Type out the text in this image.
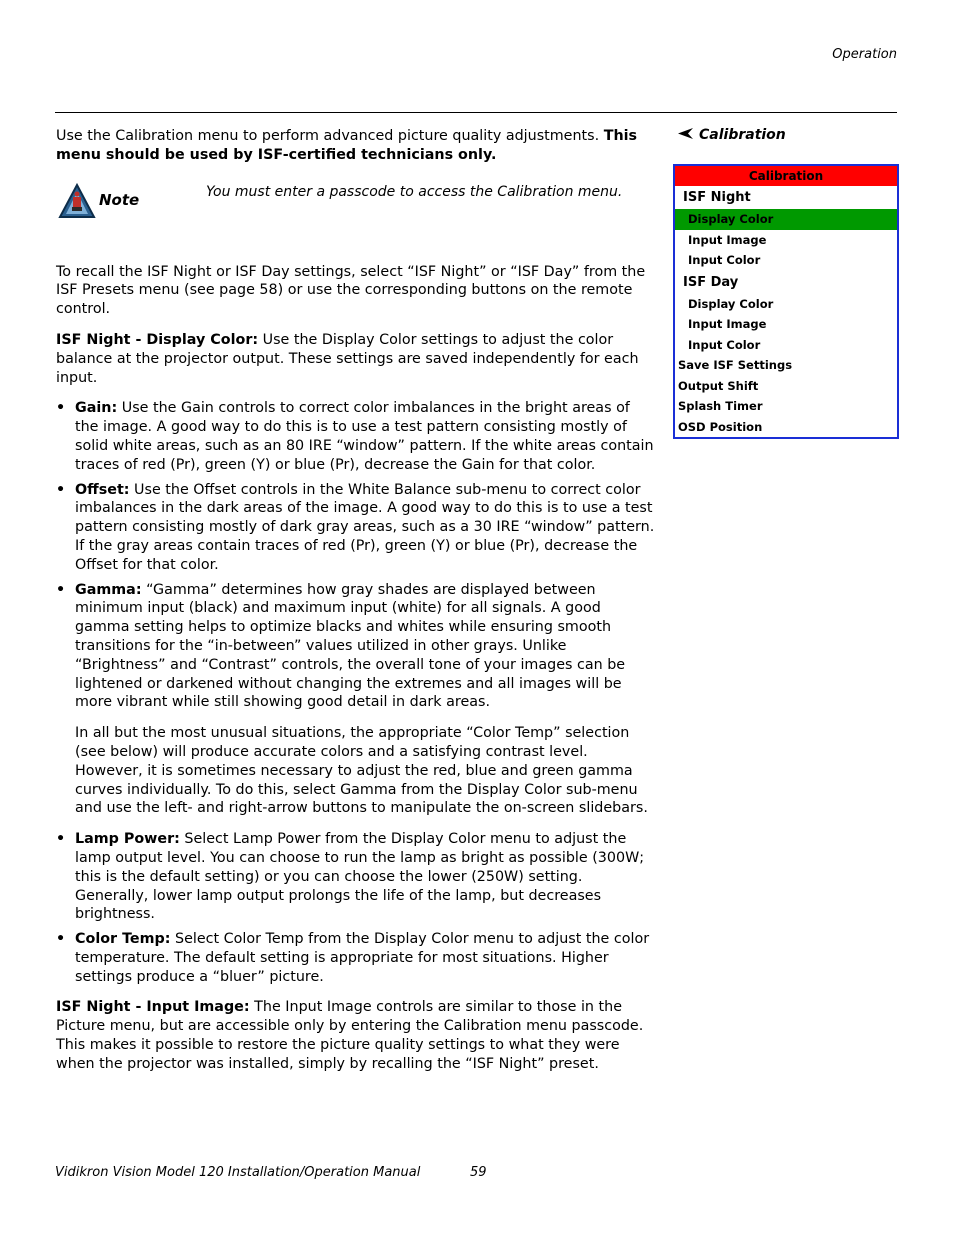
Operation

Use the Calibration menu to perform advanced picture quality adjustments. This menu should be used by ISF-certified technicians only.

Note	You must enter a passcode to access the Calibration menu.

To recall the ISF Night or ISF Day settings, select “ISF Night” or “ISF Day” from the ISF Presets menu (see page 58) or use the corresponding buttons on the remote control.

ISF Night - Display Color: Use the Display Color settings to adjust the color balance at the projector output. These settings are saved independently for each input.

• Gain: Use the Gain controls to correct color imbalances in the bright areas of the image. A good way to do this is to use a test pattern consisting mostly of solid white areas, such as an 80 IRE “window” pattern. If the white areas contain traces of red (Pr), green (Y) or blue (Pr), decrease the Gain for that color.
• Offset: Use the Offset controls in the White Balance sub-menu to correct color imbalances in the dark areas of the image. A good way to do this is to use a test pattern consisting mostly of dark gray areas, such as a 30 IRE “window” pattern. If the gray areas contain traces of red (Pr), green (Y) or blue (Pr), decrease the Offset for that color.
• Gamma: “Gamma” determines how gray shades are displayed between minimum input (black) and maximum input (white) for all signals. A good gamma setting helps to optimize blacks and whites while ensuring smooth transitions for the “in-between” values utilized in other grays. Unlike “Brightness” and “Contrast” controls, the overall tone of your images can be lightened or darkened without changing the extremes and all images will be more vibrant while still showing good detail in dark areas.

In all but the most unusual situations, the appropriate “Color Temp” selection (see below) will produce accurate colors and a satisfying contrast level. However, it is sometimes necessary to adjust the red, blue and green gamma curves individually. To do this, select Gamma from the Display Color sub-menu and use the left- and right-arrow buttons to manipulate the on-screen slidebars.

• Lamp Power: Select Lamp Power from the Display Color menu to adjust the lamp output level. You can choose to run the lamp as bright as possible (300W; this is the default setting) or you can choose the lower (250W) setting. Generally, lower lamp output prolongs the life of the lamp, but decreases brightness.
• Color Temp: Select Color Temp from the Display Color menu to adjust the color temperature. The default setting is appropriate for most situations. Higher settings produce a “bluer” picture.

ISF Night - Input Image: The Input Image controls are similar to those in the Picture menu, but are accessible only by entering the Calibration menu passcode. This makes it possible to restore the picture quality settings to what they were when the projector was installed, simply by recalling the “ISF Night” preset.

Calibration
Calibration
ISF Night
Display Color
Input Image
Input Color
ISF Day
Display Color
Input Image
Input Color
Save ISF Settings
Output Shift
Splash Timer
OSD Position
Vidikron Vision Model 120 Installation/Operation Manual	59
